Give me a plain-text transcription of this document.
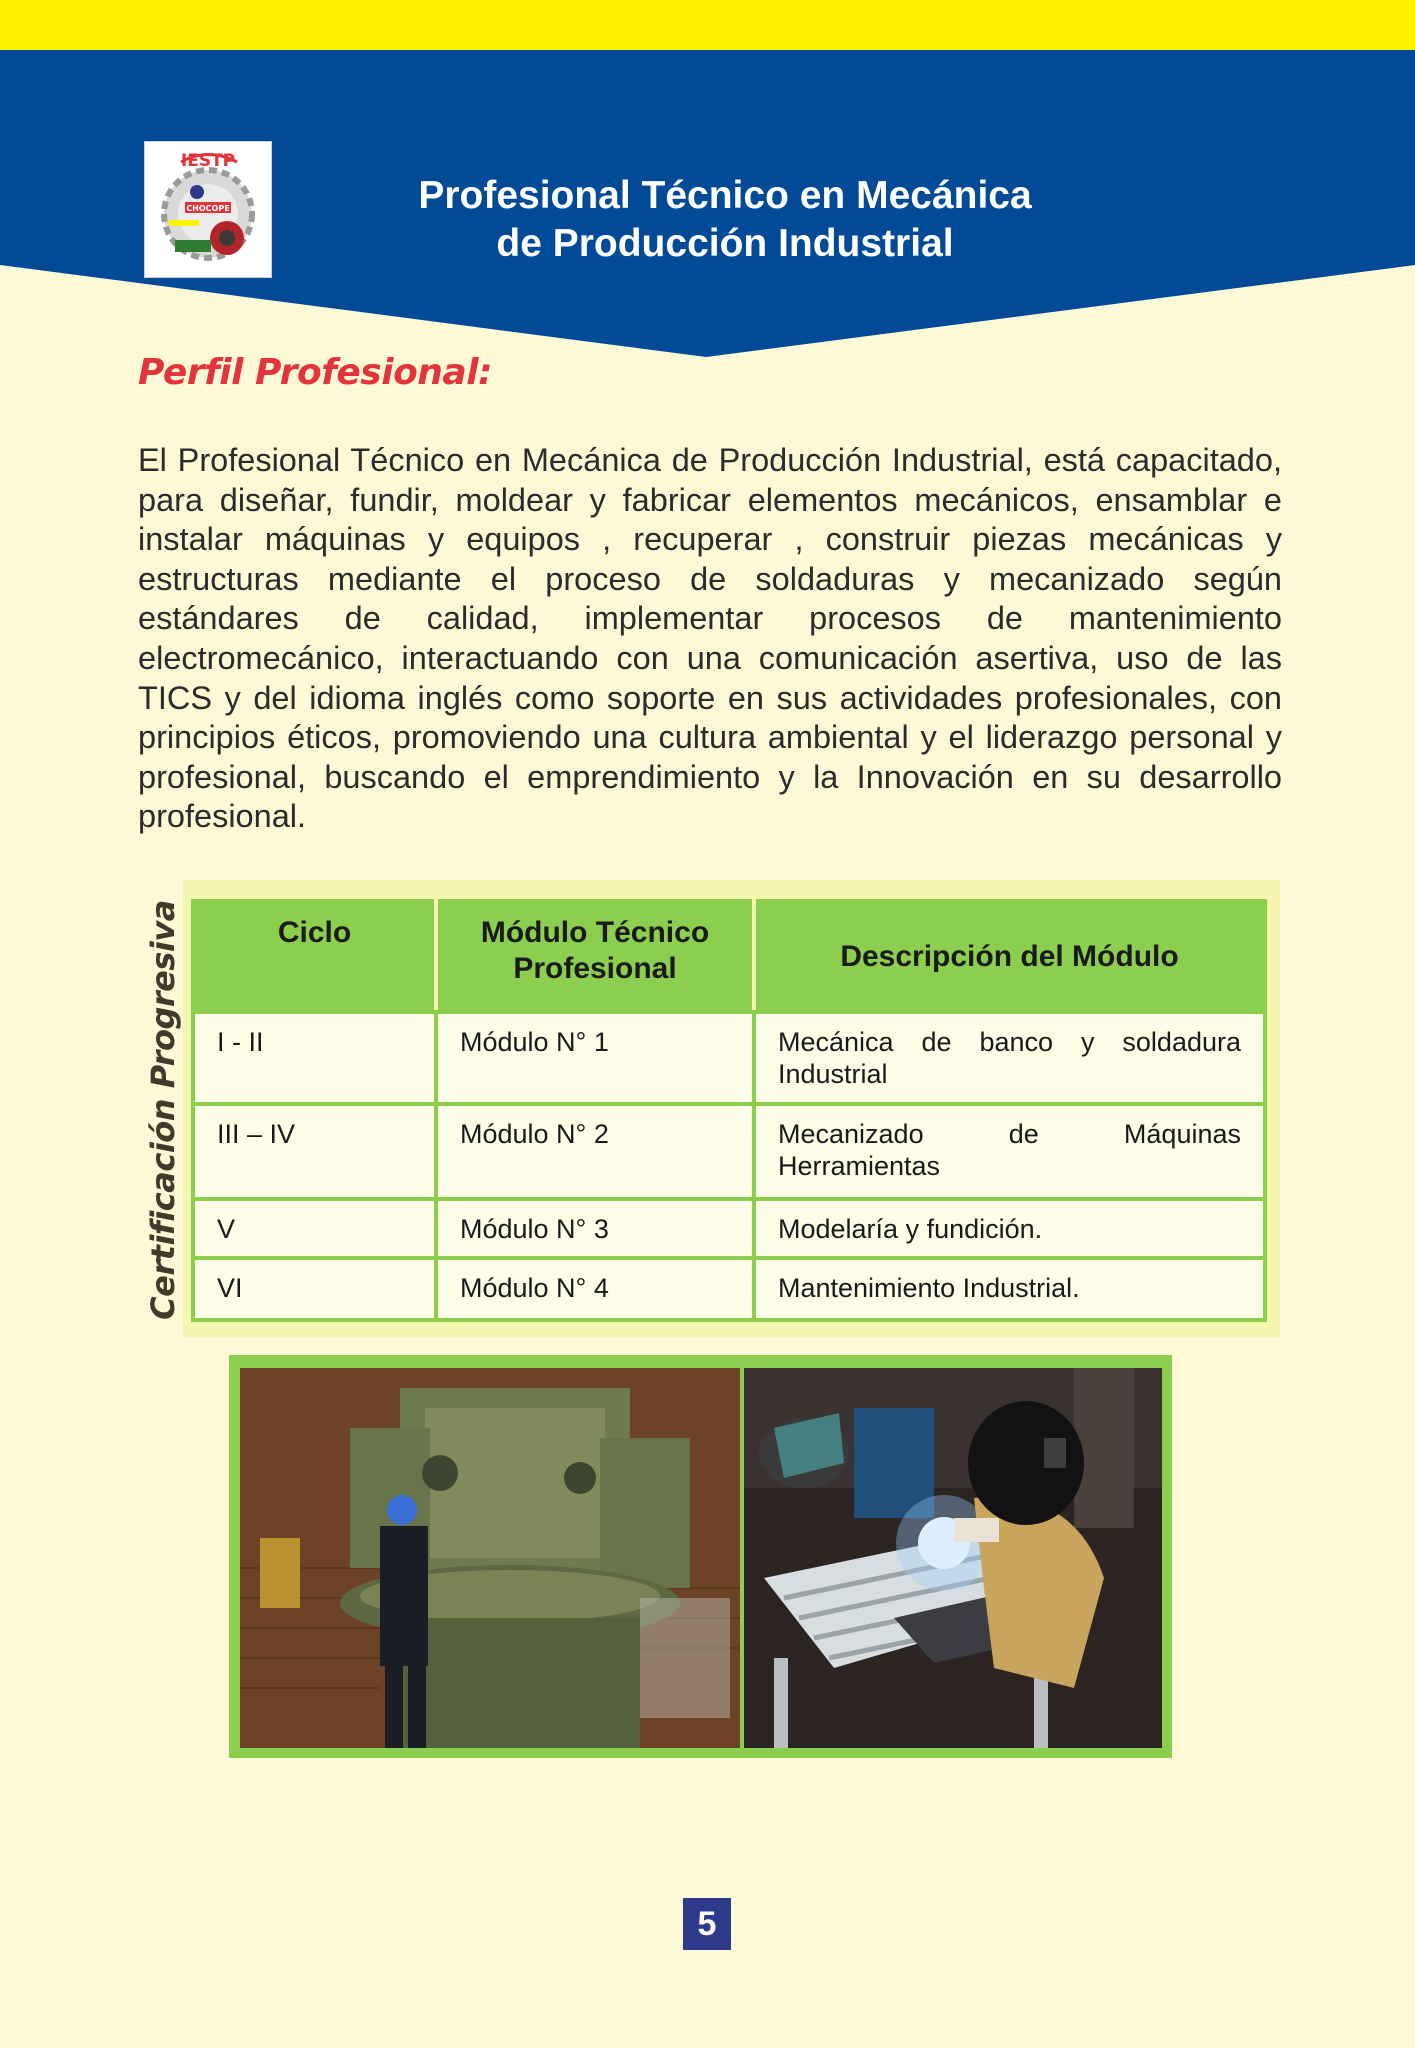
IESTP
CHOCOPE	Profesional Técnico en Mecánica
de Producción Industrial
Perfil Profesional:
El Profesional Técnico en Mecánica de Producción Industrial, está capacitado, para diseñar, fundir, moldear y fabricar elementos mecánicos, ensamblar e instalar máquinas y equipos , recuperar , construir piezas mecánicas y estructuras mediante el proceso de soldaduras y mecanizado según estándares de calidad, implementar procesos de mantenimiento electromecánico, interactuando con una comunicación asertiva, uso de las TICS y del idioma inglés como soporte en sus actividades profesionales, con principios éticos, promoviendo una cultura ambiental y el liderazgo personal y profesional, buscando el emprendimiento y la Innovación en su desarrollo profesional.
Certificación Progresiva	Ciclo	Módulo Técnico Profesional	Descripción del Módulo
I - II	Módulo N° 1	Mecánica de banco y soldadura Industrial
III – IV	Módulo N° 2	Mecanizado de Máquinas Herramientas
V	Módulo N° 3	Modelaría y fundición.
VI	Módulo N° 4	Mantenimiento Industrial.
5
